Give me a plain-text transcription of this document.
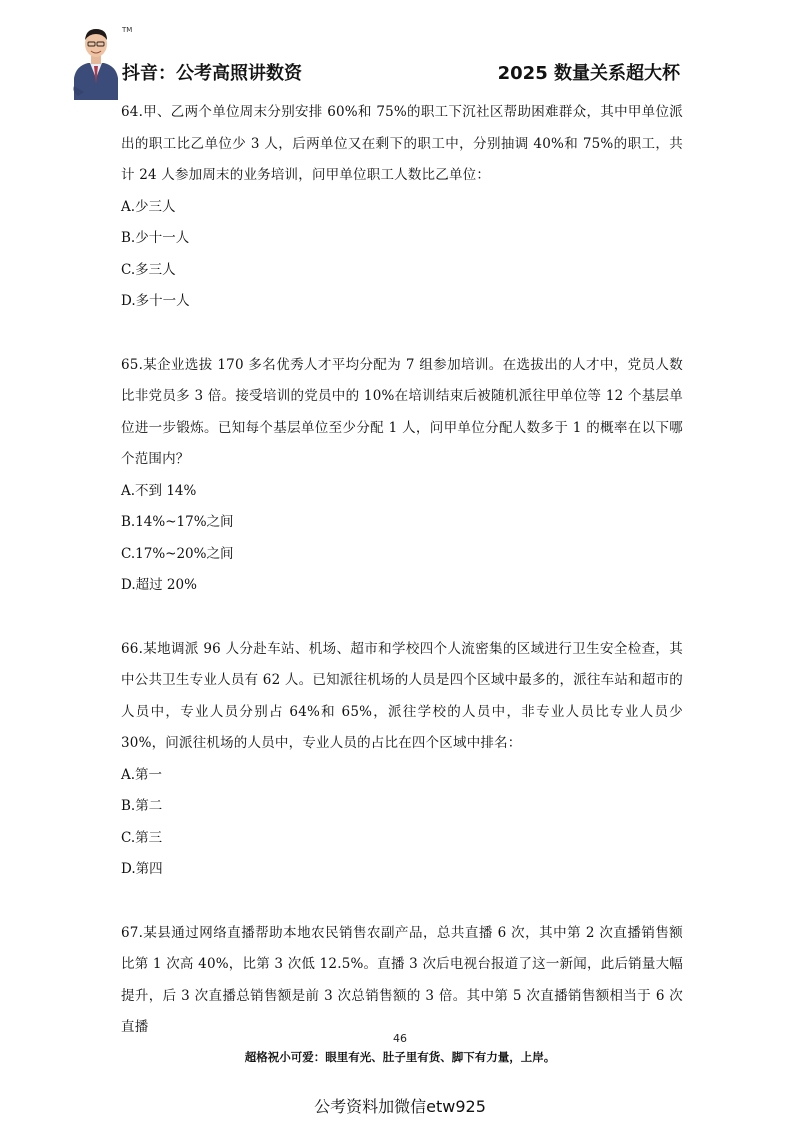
TM
抖音：公考高照讲数资	2025 数量关系超大杯

64.甲、乙两个单位周末分别安排 60%和 75%的职工下沉社区帮助困难群众，其中甲单位派出的职工比乙单位少 3 人，后两单位又在剩下的职工中，分别抽调 40%和 75%的职工，共计 24 人参加周末的业务培训，问甲单位职工人数比乙单位：

A.少三人

B.少十一人

C.多三人

D.多十一人

65.某企业选拔 170 多名优秀人才平均分配为 7 组参加培训。在选拔出的人才中，党员人数比非党员多 3 倍。接受培训的党员中的 10%在培训结束后被随机派往甲单位等 12 个基层单位进一步锻炼。已知每个基层单位至少分配 1 人，问甲单位分配人数多于 1 的概率在以下哪个范围内？

A.不到 14%

B.14%~17%之间

C.17%~20%之间

D.超过 20%

66.某地调派 96 人分赴车站、机场、超市和学校四个人流密集的区域进行卫生安全检查，其中公共卫生专业人员有 62 人。已知派往机场的人员是四个区域中最多的，派往车站和超市的人员中，专业人员分别占 64%和 65%，派往学校的人员中，非专业人员比专业人员少 30%，问派往机场的人员中，专业人员的占比在四个区域中排名：

A.第一

B.第二

C.第三

D.第四

67.某县通过网络直播帮助本地农民销售农副产品，总共直播 6 次，其中第 2 次直播销售额比第 1 次高 40%，比第 3 次低 12.5%。直播 3 次后电视台报道了这一新闻，此后销量大幅提升，后 3 次直播总销售额是前 3 次总销售额的 3 倍。其中第 5 次直播销售额相当于 6 次直播

46
超格祝小可爱：眼里有光、肚子里有货、脚下有力量，上岸。
公考资料加微信etw925
